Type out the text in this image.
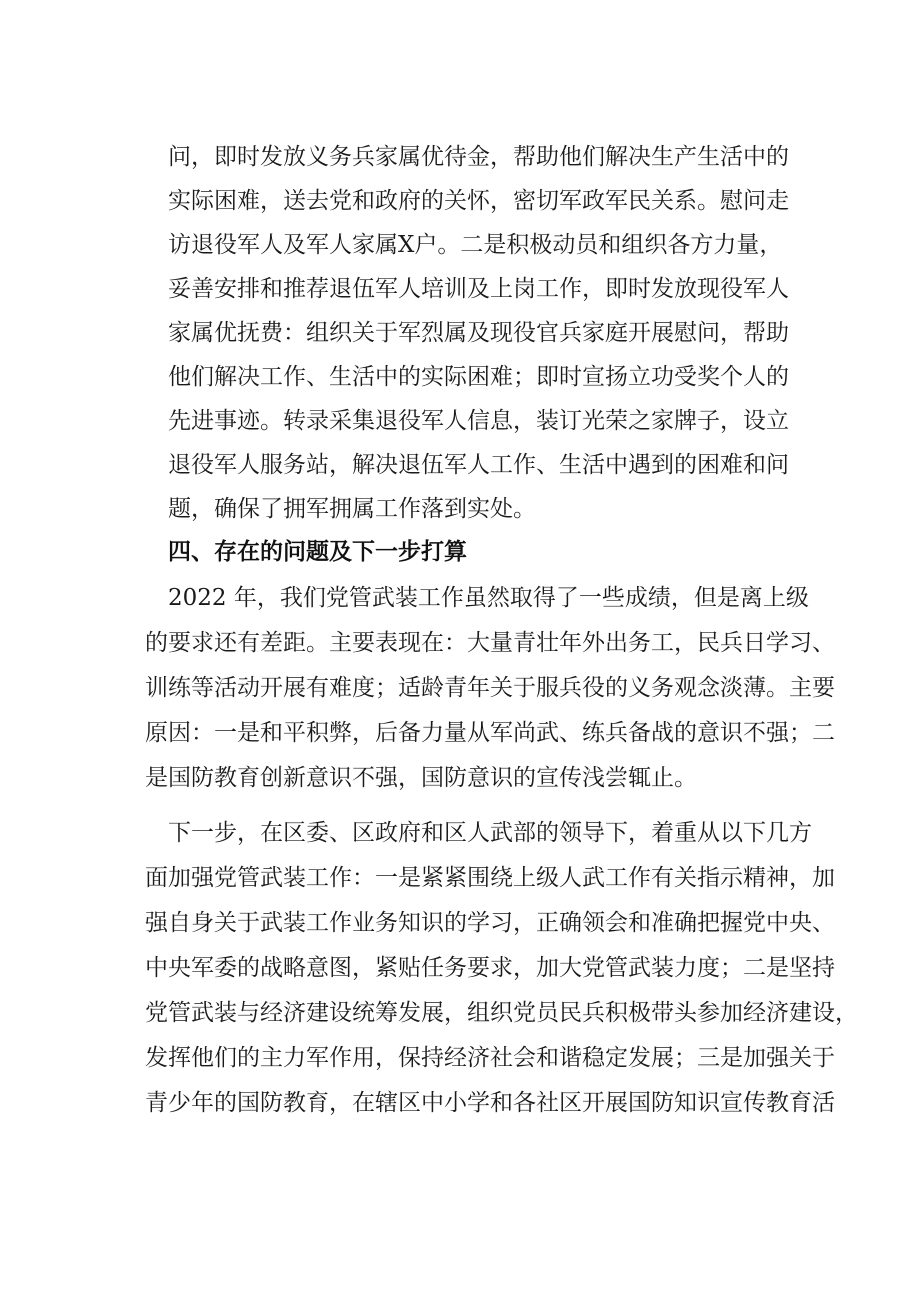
问，即时发放义务兵家属优待金，帮助他们解决生产生活中的
实际困难，送去党和政府的关怀，密切军政军民关系。慰问走
访退役军人及军人家属X户。二是积极动员和组织各方力量，
妥善安排和推荐退伍军人培训及上岗工作，即时发放现役军人
家属优抚费：组织关于军烈属及现役官兵家庭开展慰问，帮助
他们解决工作、生活中的实际困难；即时宣扬立功受奖个人的
先进事迹。转录采集退役军人信息，装订光荣之家牌子，设立
退役军人服务站，解决退伍军人工作、生活中遇到的困难和问
题，确保了拥军拥属工作落到实处。
四、存在的问题及下一步打算
2022 年，我们党管武装工作虽然取得了一些成绩，但是离上级
的要求还有差距。主要表现在：大量青壮年外出务工，民兵日学习、
训练等活动开展有难度；适龄青年关于服兵役的义务观念淡薄。主要
原因：一是和平积弊，后备力量从军尚武、练兵备战的意识不强；二
是国防教育创新意识不强，国防意识的宣传浅尝辄止。
下一步，在区委、区政府和区人武部的领导下，着重从以下几方
面加强党管武装工作：一是紧紧围绕上级人武工作有关指示精神，加
强自身关于武装工作业务知识的学习，正确领会和准确把握党中央、
中央军委的战略意图，紧贴任务要求，加大党管武装力度；二是坚持
党管武装与经济建设统筹发展，组织党员民兵积极带头参加经济建设，
发挥他们的主力军作用，保持经济社会和谐稳定发展；三是加强关于
青少年的国防教育，在辖区中小学和各社区开展国防知识宣传教育活
